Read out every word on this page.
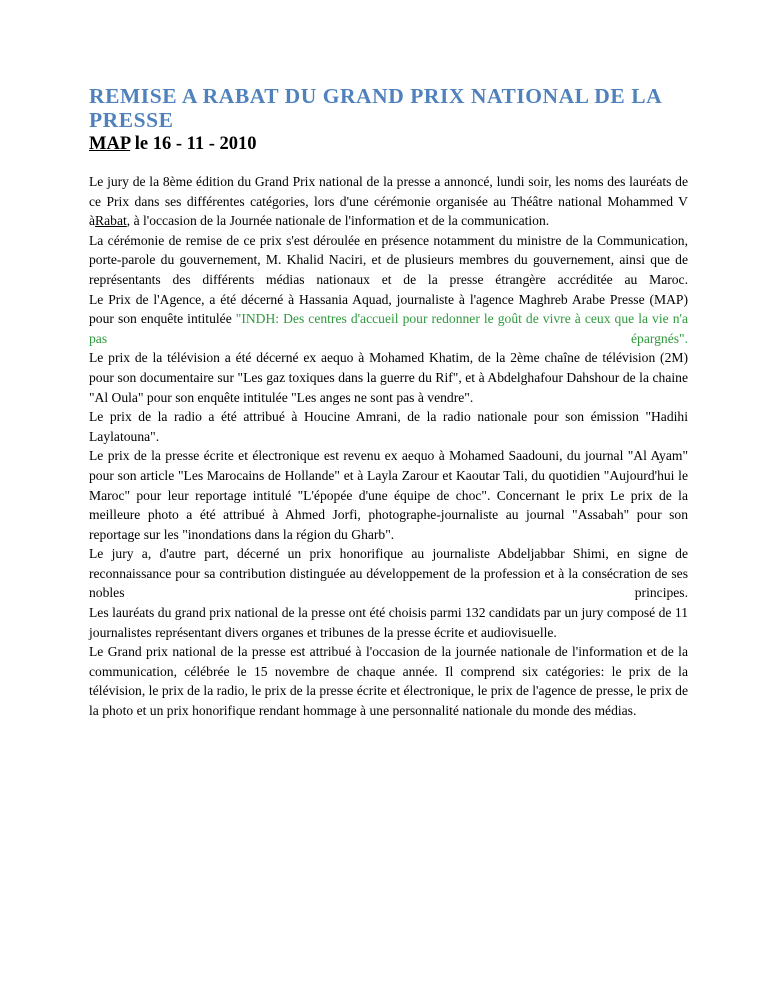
REMISE A RABAT DU GRAND PRIX NATIONAL DE LA PRESSE
MAP le 16 - 11 - 2010

Le jury de la 8ème édition du Grand Prix national de la presse a annoncé, lundi soir, les noms des lauréats de ce Prix dans ses différentes catégories, lors d'une cérémonie organisée au Théâtre national Mohammed V àRabat, à l'occasion de la Journée nationale de l'information et de la communication.

La cérémonie de remise de ce prix s'est déroulée en présence notamment du ministre de la Communication, porte-parole du gouvernement, M. Khalid Naciri, et de plusieurs membres du gouvernement, ainsi que de représentants des différents médias nationaux et de la presse étrangère accréditée au Maroc.

Le Prix de l'Agence, a été décerné à Hassania Aquad, journaliste à l'agence Maghreb Arabe Presse (MAP) pour son enquête intitulée "INDH: Des centres d'accueil pour redonner le goût de vivre à ceux que la vie n'a pas épargnés".

Le prix de la télévision a été décerné ex aequo à Mohamed Khatim, de la 2ème chaîne de télévision (2M) pour son documentaire sur "Les gaz toxiques dans la guerre du Rif", et à Abdelghafour Dahshour de la chaine "Al Oula" pour son enquête intitulée "Les anges ne sont pas à vendre".

Le prix de la radio a été attribué à Houcine Amrani, de la radio nationale pour son émission "Hadihi Laylatouna".

Le prix de la presse écrite et électronique est revenu ex aequo à Mohamed Saadouni, du journal "Al Ayam" pour son article "Les Marocains de Hollande" et à Layla Zarour et Kaoutar Tali, du quotidien "Aujourd'hui le Maroc" pour leur reportage intitulé "L'épopée d'une équipe de choc". Concernant le prix Le prix de la meilleure photo a été attribué à Ahmed Jorfi, photographe-journaliste au journal "Assabah" pour son reportage sur les "inondations dans la région du Gharb".

Le jury a, d'autre part, décerné un prix honorifique au journaliste Abdeljabbar Shimi, en signe de reconnaissance pour sa contribution distinguée au développement de la profession et à la consécration de ses nobles principes.

Les lauréats du grand prix national de la presse ont été choisis parmi 132 candidats par un jury composé de 11 journalistes représentant divers organes et tribunes de la presse écrite et audiovisuelle.

Le Grand prix national de la presse est attribué à l'occasion de la journée nationale de l'information et de la communication, célébrée le 15 novembre de chaque année. Il comprend six catégories: le prix de la télévision, le prix de la radio, le prix de la presse écrite et électronique, le prix de l'agence de presse, le prix de la photo et un prix honorifique rendant hommage à une personnalité nationale du monde des médias.
